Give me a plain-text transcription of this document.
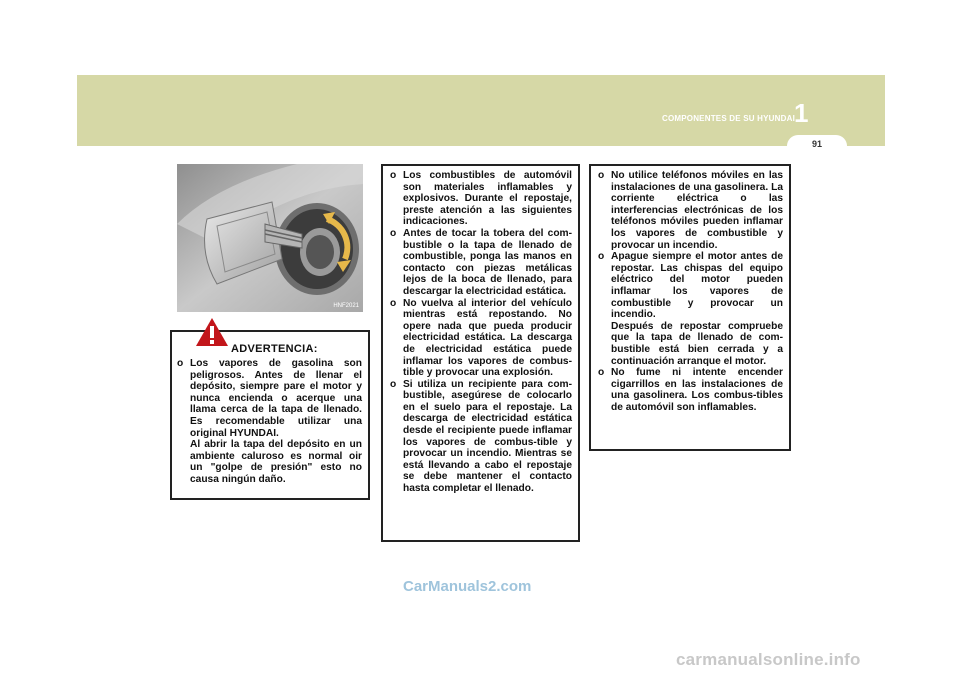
COMPONENTES DE SU HYUNDAI 1
91
HNF2021
ADVERTENCIA:
o Los vapores de gasolina son peligrosos. Antes de llenar el depósito, siempre pare el motor y nunca encienda o acerque una llama cerca de la tapa de llenado. Es recomendable utilizar una original HYUNDAI.

Al abrir la tapa del depósito en un ambiente caluroso es normal oir un "golpe de presión" esto no causa ningún daño.

o Los combustibles de automóvil son materiales inflamables y explosivos. Durante el repostaje, preste atención a las siguientes indicaciones.

o Antes de tocar la tobera del com-bustible o la tapa de llenado de combustible, ponga las manos en contacto con piezas metálicas lejos de la boca de llenado, para descargar la electricidad estática.

o No vuelva al interior del vehículo mientras está repostando. No opere nada que pueda producir electricidad estática. La descarga de electricidad estática puede inflamar los vapores de combus-tible y provocar una explosión.

o Si utiliza un recipiente para com-bustible, asegúrese de colocarlo en el suelo para el repostaje. La descarga de electricidad estática desde el recipiente puede inflamar los vapores de combus-tible y provocar un incendio. Mientras se está llevando a cabo el repostaje se debe mantener el contacto hasta completar el llenado.

o No utilice teléfonos móviles en las instalaciones de una gasolinera. La corriente eléctrica o las interferencias electrónicas de los teléfonos móviles pueden inflamar los vapores de combustible y provocar un incendio.

o Apague siempre el motor antes de repostar. Las chispas del equipo eléctrico del motor pueden inflamar los vapores de combustible y provocar un incendio.

Después de repostar compruebe que la tapa de llenado de com-bustible está bien cerrada y a continuación arranque el motor.

o No fume ni intente encender cigarrillos en las instalaciones de una gasolinera. Los combus-tibles de automóvil son inflamables.

CarManuals2.com
carmanualsonline.info
